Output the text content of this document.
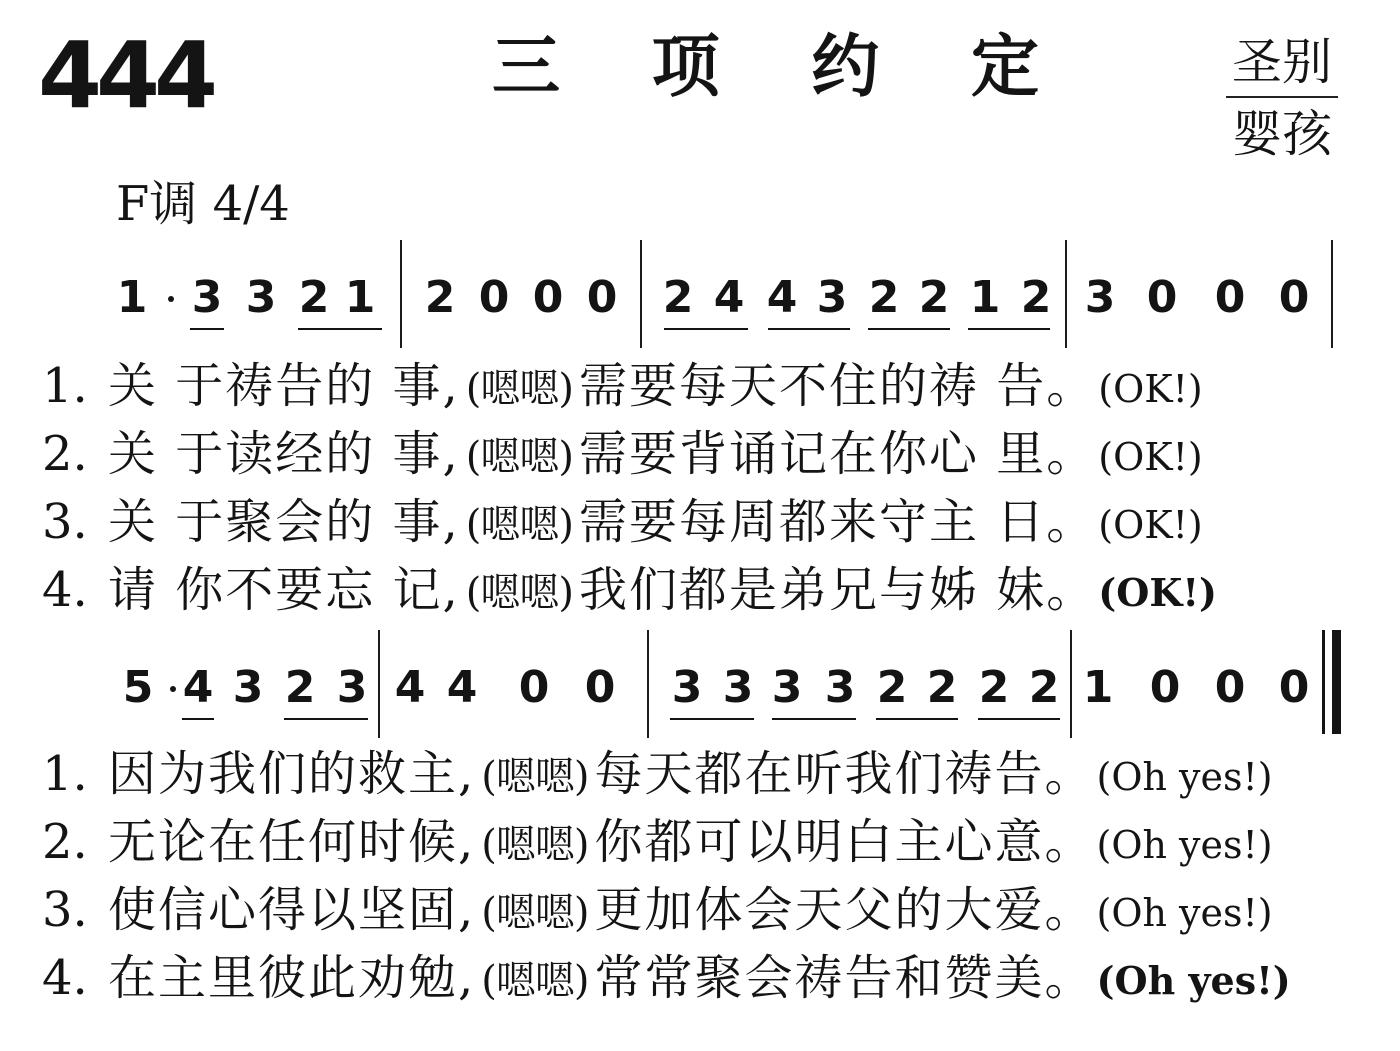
444	三 项 约 定	圣别
婴孩
F调 4/4
1 3 3 2 1 2 0 0 0 2 4 4 3 2 2 1 2 3 0 0 0
5 4 3 2 3 4 4 0 0 3 3 3 3 2 2 2 2 1 0 0 0
1. 关 于祷告的 事, (嗯嗯) 需要每天不住的祷 告。(OK!)
2. 关 于读经的 事, (嗯嗯) 需要背诵记在你心 里。(OK!)
3. 关 于聚会的 事, (嗯嗯) 需要每周都来守主 日。(OK!)
4. 请 你不要忘 记, (嗯嗯) 我们都是弟兄与姊 妹。(OK!)
1. 因为我们的救主, (嗯嗯) 每天都在听我们祷告。(Oh yes!)
2. 无论在任何时候, (嗯嗯) 你都可以明白主心意。(Oh yes!)
3. 使信心得以坚固, (嗯嗯) 更加体会天父的大爱。(Oh yes!)
4. 在主里彼此劝勉, (嗯嗯) 常常聚会祷告和赞美。(Oh yes!)
